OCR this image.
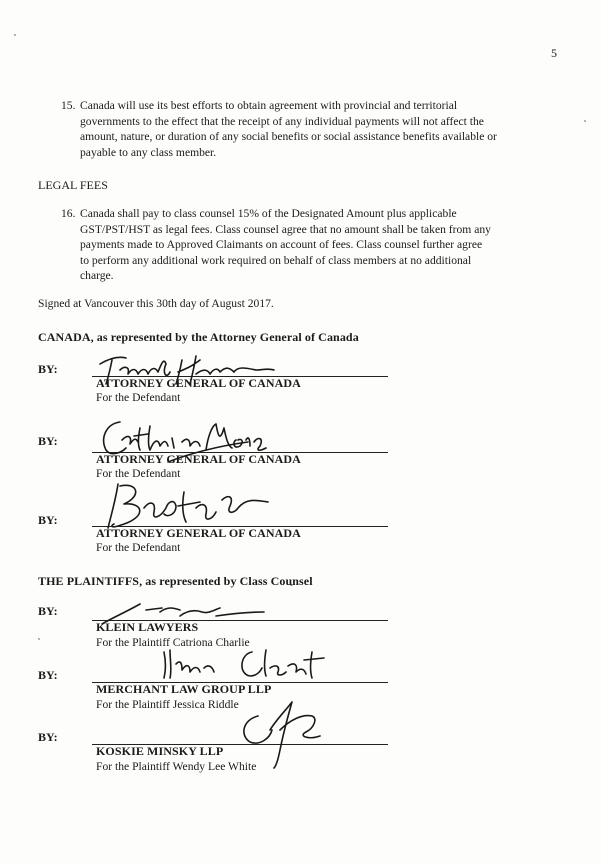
5
15. Canada will use its best efforts to obtain agreement with provincial and territorial
governments to the effect that the receipt of any individual payments will not affect the
amount, nature, or duration of any social benefits or social assistance benefits available or
payable to any class member.
LEGAL FEES
16. Canada shall pay to class counsel 15% of the Designated Amount plus applicable
GST/PST/HST as legal fees. Class counsel agree that no amount shall be taken from any
payments made to Approved Claimants on account of fees. Class counsel further agree
to perform any additional work required on behalf of class members at no additional
charge.
Signed at Vancouver this 30th day of August 2017.
CANADA, as represented by the Attorney General of Canada
BY:
ATTORNEY GENERAL OF CANADA
For the Defendant
BY:
ATTORNEY GENERAL OF CANADA
For the Defendant
BY:
ATTORNEY GENERAL OF CANADA
For the Defendant
THE PLAINTIFFS, as represented by Class Counsel
BY:
KLEIN LAWYERS
For the Plaintiff Catriona Charlie
BY:
MERCHANT LAW GROUP LLP
For the Plaintiff Jessica Riddle
BY:
KOSKIE MINSKY LLP
For the Plaintiff Wendy Lee White
